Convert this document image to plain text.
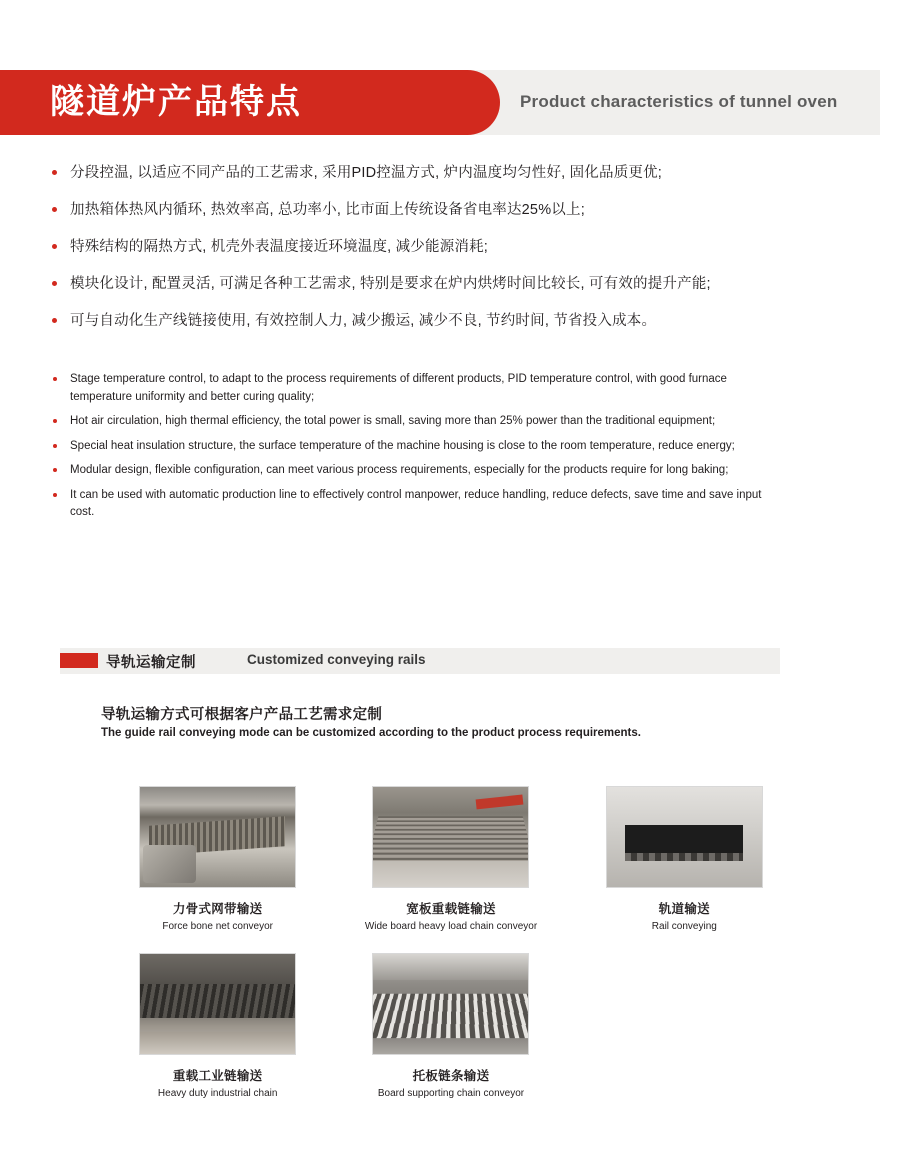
隧道炉产品特点	Product characteristics of tunnel oven
分段控温, 以适应不同产品的工艺需求, 采用PID控温方式, 炉内温度均匀性好, 固化品质更优;
加热箱体热风内循环, 热效率高, 总功率小, 比市面上传统设备省电率达25%以上;
特殊结构的隔热方式, 机壳外表温度接近环境温度, 减少能源消耗;
模块化设计, 配置灵活, 可满足各种工艺需求, 特别是要求在炉内烘烤时间比较长, 可有效的提升产能;
可与自动化生产线链接使用, 有效控制人力, 减少搬运, 减少不良, 节约时间, 节省投入成本。
Stage temperature control, to adapt to the process requirements of different products, PID temperature control, with good furnace temperature uniformity and better curing quality;
Hot air circulation, high thermal efficiency, the total power is small, saving more than 25% power than the traditional equipment;
Special heat insulation structure, the surface temperature of the machine housing is close to the room temperature, reduce energy;
Modular design, flexible configuration, can meet various process requirements, especially for the products require for long baking;
It can be used with automatic production line to effectively control manpower, reduce handling, reduce defects, save time and save input cost.
导轨运输定制	Customized conveying rails
导轨运输方式可根据客户产品工艺需求定制
The guide rail conveying mode can be customized according to the product process requirements.
力骨式网带输送
Force bone net conveyor
宽板重载链输送
Wide board heavy load chain conveyor
轨道输送
Rail conveying
重载工业链输送
Heavy duty industrial chain
托板链条输送
Board supporting chain conveyor
